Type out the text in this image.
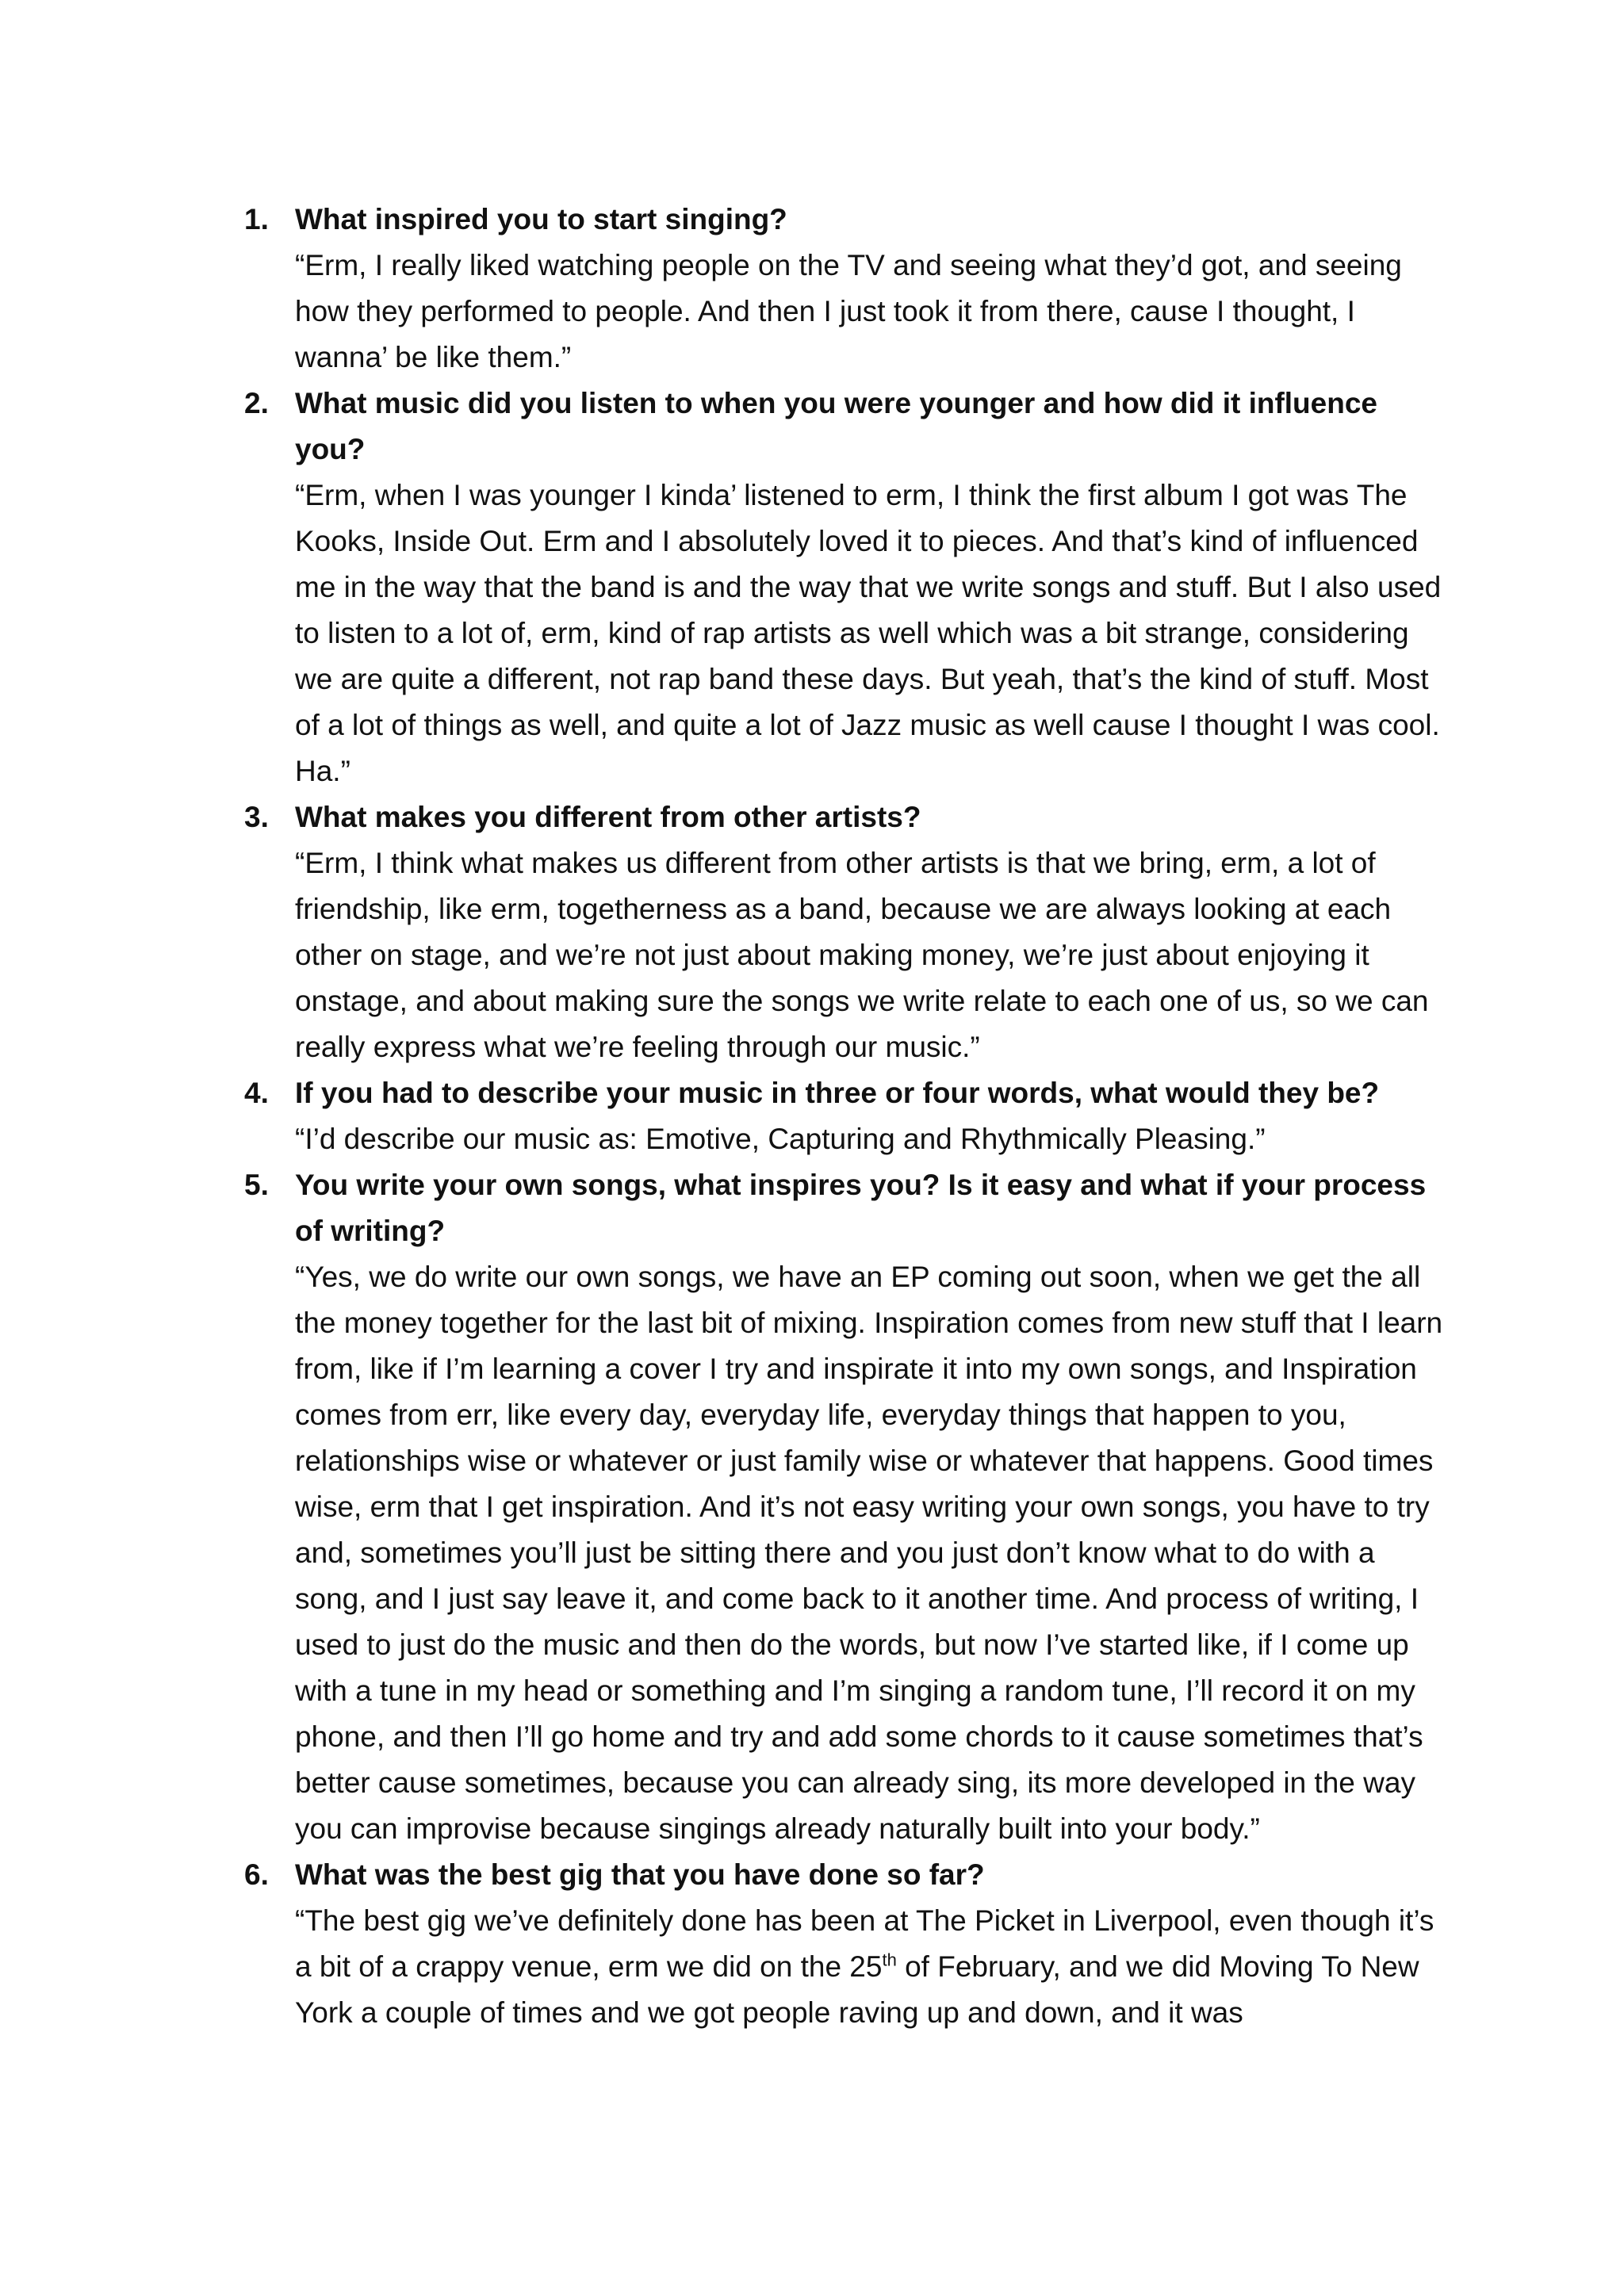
1. What inspired you to start singing?

“Erm, I really liked watching people on the TV and seeing what they’d got, and seeing how they performed to people. And then I just took it from there, cause I thought, I wanna’ be like them.”

2. What music did you listen to when you were younger and how did it influence you?

“Erm, when I was younger I kinda’ listened to erm, I think the first album I got was The Kooks, Inside Out. Erm and I absolutely loved it to pieces. And that’s kind of influenced me in the way that the band is and the way that we write songs and stuff. But I also used to listen to a lot of, erm, kind of rap artists as well which was a bit strange, considering we are quite a different, not rap band these days. But yeah, that’s the kind of stuff. Most of a lot of things as well, and quite a lot of Jazz music as well cause I thought I was cool. Ha.”

3. What makes you different from other artists?

“Erm, I think what makes us different from other artists is that we bring, erm, a lot of friendship, like erm, togetherness as a band, because we are always looking at each other on stage, and we’re not just about making money, we’re just about enjoying it onstage, and about making sure the songs we write relate to each one of us, so we can really express what we’re feeling through our music.”

4. If you had to describe your music in three or four words, what would they be?

“I’d describe our music as: Emotive, Capturing and Rhythmically Pleasing.”

5. You write your own songs, what inspires you? Is it easy and what if your process of writing?

“Yes, we do write our own songs, we have an EP coming out soon, when we get the all the money together for the last bit of mixing. Inspiration comes from new stuff that I learn from, like if I’m learning a cover I try and inspirate it into my own songs, and Inspiration comes from err, like every day, everyday life, everyday things that happen to you, relationships wise or whatever or just family wise or whatever that happens. Good times wise, erm that I get inspiration. And it’s not easy writing your own songs, you have to try and, sometimes you’ll just be sitting there and you just don’t know what to do with a song, and I just say leave it, and come back to it another time. And process of writing, I used to just do the music and then do the words, but now I’ve started like, if I come up with a tune in my head or something and I’m singing a random tune, I’ll record it on my phone, and then I’ll go home and try and add some chords to it cause sometimes that’s better cause sometimes, because you can already sing, its more developed in the way you can improvise because singings already naturally built into your body.”

6. What was the best gig that you have done so far?

“The best gig we’ve definitely done has been at The Picket in Liverpool, even though it’s a bit of a crappy venue, erm we did on the 25th of February, and we did Moving To New York a couple of times and we got people raving up and down, and it was
